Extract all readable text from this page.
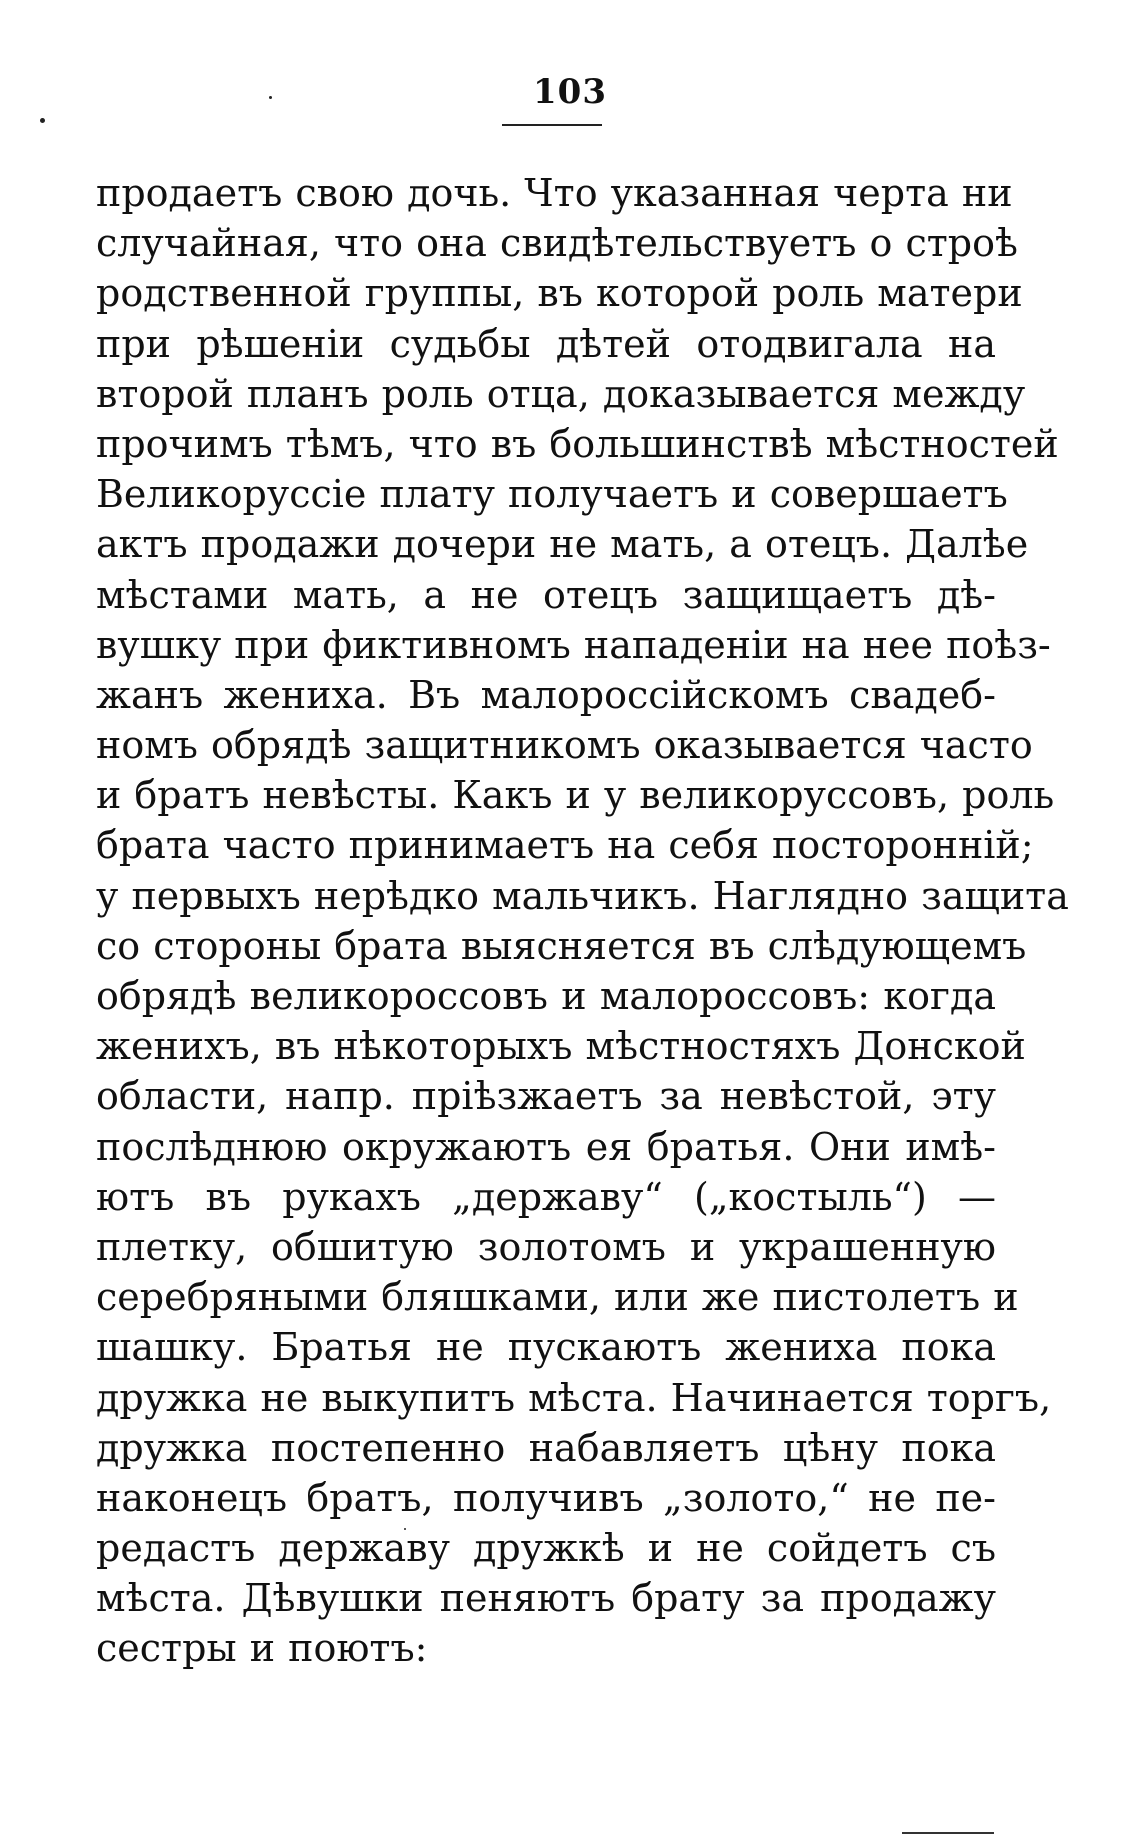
103
продаетъ свою дочь. Что указанная черта ни
случайная, что она свидѣтельствуетъ о строѣ
родственной группы, въ которой роль матери
при рѣшеніи судьбы дѣтей отодвигала на
второй планъ роль отца, доказывается между
прочимъ тѣмъ, что въ большинствѣ мѣстностей
Великоруссіе плату получаетъ и совершаетъ
актъ продажи дочери не мать, а отецъ. Далѣе
мѣстами мать, а не отецъ защищаетъ дѣ-
вушку при фиктивномъ нападеніи на нее поѣз-
жанъ жениха. Въ малороссійскомъ свадеб-
номъ обрядѣ защитникомъ оказывается часто
и братъ невѣсты. Какъ и у великоруссовъ, роль
брата часто принимаетъ на себя посторонній;
у первыхъ нерѣдко мальчикъ. Наглядно защита
со стороны брата выясняется въ слѣдующемъ
обрядѣ великороссовъ и малороссовъ: когда
женихъ, въ нѣкоторыхъ мѣстностяхъ Донской
области, напр. пріѣзжаетъ за невѣстой, эту
послѣднюю окружаютъ ея братья. Они имѣ-
ютъ въ рукахъ „державу“ („костыль“) —
плетку, обшитую золотомъ и украшенную
серебряными бляшками, или же пистолетъ и
шашку. Братья не пускаютъ жениха пока
дружка не выкупитъ мѣста. Начинается торгъ,
дружка постепенно набавляетъ цѣну пока
наконецъ братъ, получивъ „золото,“ не пе-
редастъ державу дружкѣ и не сойдетъ съ
мѣста. Дѣвушки пеняютъ брату за продажу
сестры и поютъ:
